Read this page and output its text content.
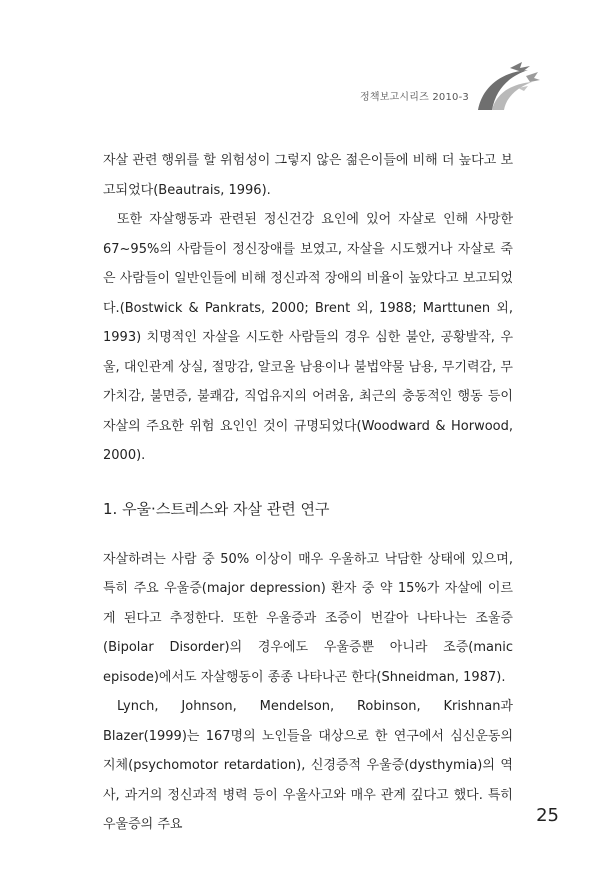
정책보고시리즈 2010-3

자살 관련 행위를 할 위험성이 그렇지 않은 젊은이들에 비해 더 높다고 보고되었다(Beautrais, 1996).

또한 자살행동과 관련된 정신건강 요인에 있어 자살로 인해 사망한 67~95%의 사람들이 정신장애를 보였고, 자살을 시도했거나 자살로 죽은 사람들이 일반인들에 비해 정신과적 장애의 비율이 높았다고 보고되었다.(Bostwick & Pankrats, 2000; Brent 외, 1988; Marttunen 외, 1993) 치명적인 자살을 시도한 사람들의 경우 심한 불안, 공황발작, 우울, 대인관계 상실, 절망감, 알코올 남용이나 불법약물 남용, 무기력감, 무가치감, 불면증, 불쾌감, 직업유지의 어려움, 최근의 충동적인 행동 등이 자살의 주요한 위험 요인인 것이 규명되었다(Woodward & Horwood, 2000).

1. 우울·스트레스와 자살 관련 연구

자살하려는 사람 중 50% 이상이 매우 우울하고 낙담한 상태에 있으며, 특히 주요 우울증(major depression) 환자 중 약 15%가 자살에 이르게 된다고 추정한다. 또한 우울증과 조증이 번갈아 나타나는 조울증(Bipolar Disorder)의 경우에도 우울증뿐 아니라 조증(manic episode)에서도 자살행동이 종종 나타나곤 한다(Shneidman, 1987).

Lynch, Johnson, Mendelson, Robinson, Krishnan과 Blazer(1999)는 167명의 노인들을 대상으로 한 연구에서 심신운동의 지체(psychomotor retardation), 신경증적 우울증(dysthymia)의 역사, 과거의 정신과적 병력 등이 우울사고와 매우 관계 깊다고 했다. 특히 우울증의 주요	25
